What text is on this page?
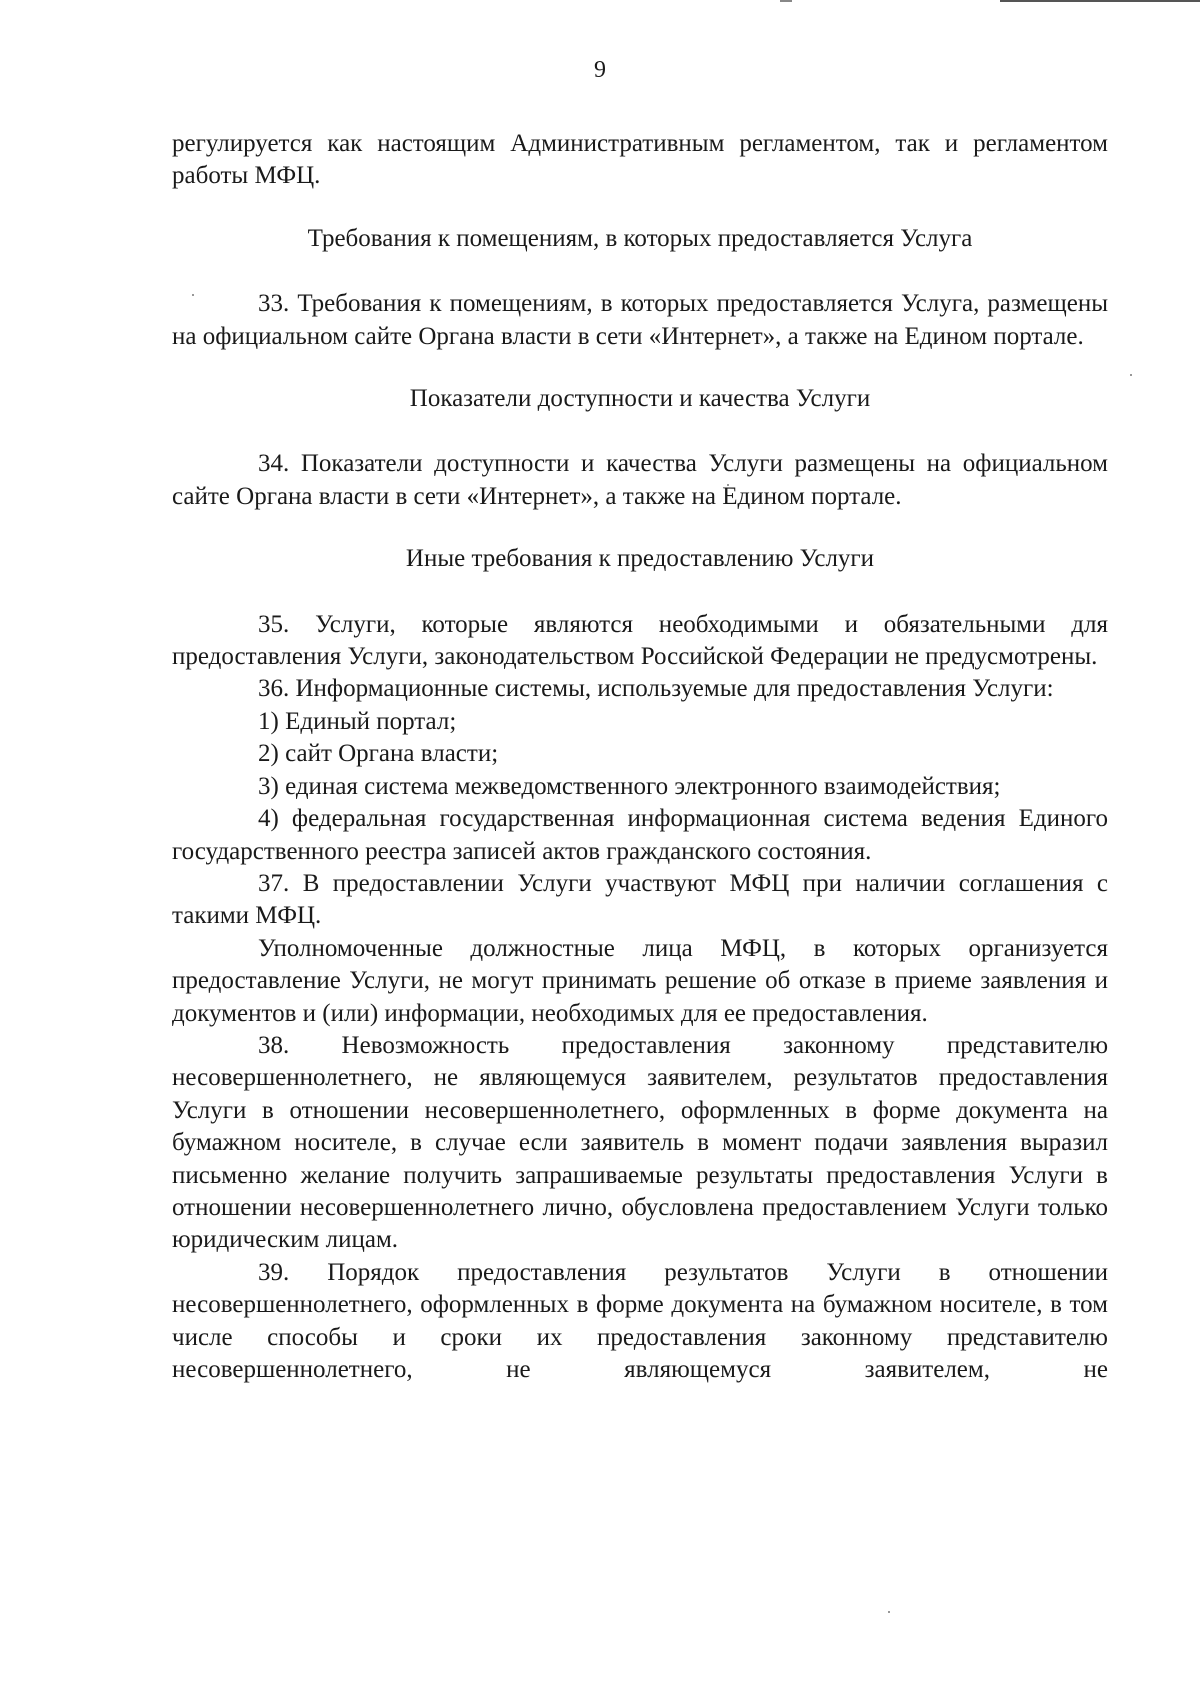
9

регулируется как настоящим Административным регламентом, так и регламентом работы МФЦ.

Требования к помещениям, в которых предоставляется Услуга

33. Требования к помещениям, в которых предоставляется Услуга, размещены на официальном сайте Органа власти в сети «Интернет», а также на Едином портале.

Показатели доступности и качества Услуги

34. Показатели доступности и качества Услуги размещены на официальном сайте Органа власти в сети «Интернет», а также на Едином портале.

Иные требования к предоставлению Услуги

35. Услуги, которые являются необходимыми и обязательными для предоставления Услуги, законодательством Российской Федерации не предусмотрены.

36. Информационные системы, используемые для предоставления Услуги:

1) Единый портал;

2) сайт Органа власти;

3) единая система межведомственного электронного взаимодействия;

4) федеральная государственная информационная система ведения Единого государственного реестра записей актов гражданского состояния.

37. В предоставлении Услуги участвуют МФЦ при наличии соглашения с такими МФЦ.

Уполномоченные должностные лица МФЦ, в которых организуется предоставление Услуги, не могут принимать решение об отказе в приеме заявления и документов и (или) информации, необходимых для ее предоставления.

38. Невозможность предоставления законному представителю несовершеннолетнего, не являющемуся заявителем, результатов предоставления Услуги в отношении несовершеннолетнего, оформленных в форме документа на бумажном носителе, в случае если заявитель в момент подачи заявления выразил письменно желание получить запрашиваемые результаты предоставления Услуги в отношении несовершеннолетнего лично, обусловлена предоставлением Услуги только юридическим лицам.

39. Порядок предоставления результатов Услуги в отношении несовершеннолетнего, оформленных в форме документа на бумажном носителе, в том числе способы и сроки их предоставления законному представителю несовершеннолетнего, не являющемуся заявителем, не
